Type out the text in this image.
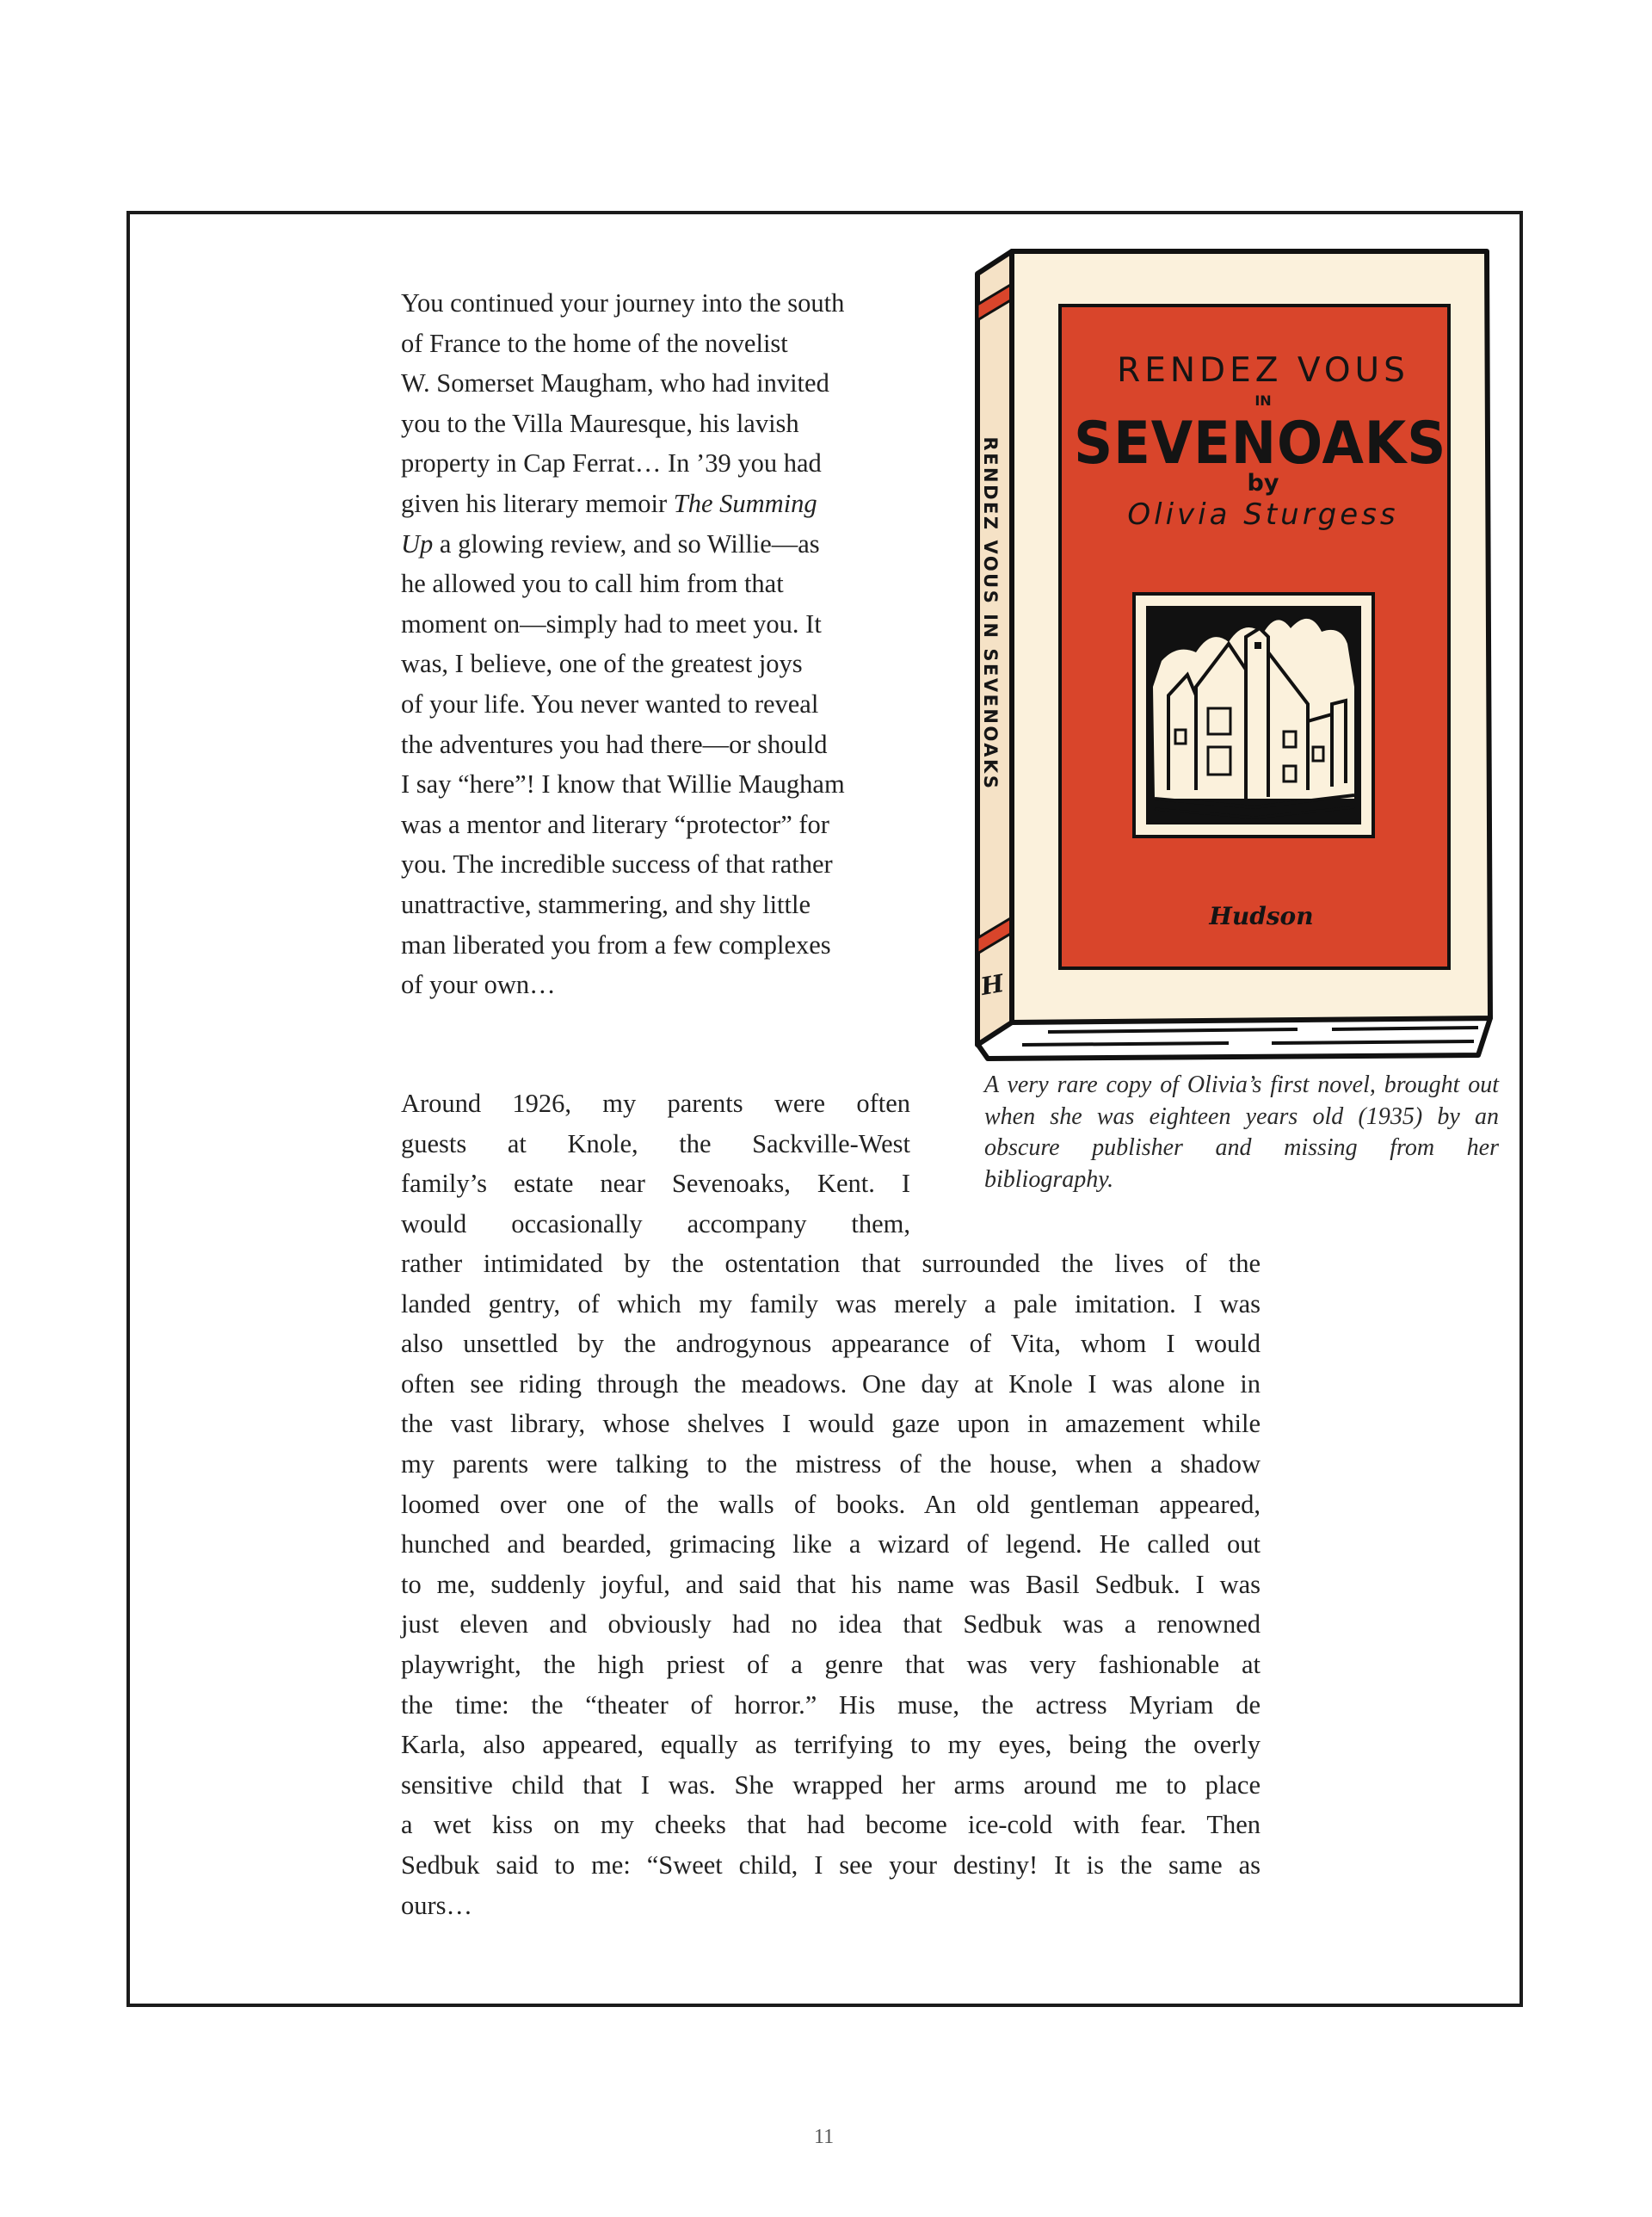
You continued your journey into the south
of France to the home of the novelist
W. Somerset Maugham, who had invited
you to the Villa Mauresque, his lavish
property in Cap Ferrat… In ’39 you had
given his literary memoir The Summing
Up a glowing review, and so Willie—as
he allowed you to call him from that
moment on—simply had to meet you. It
was, I believe, one of the greatest joys
of your life. You never wanted to reveal
the adventures you had there—or should
I say “here”! I know that Willie Maugham
was a mentor and literary “protector” for
you. The incredible success of that rather
unattractive, stammering, and shy little
man liberated you from a few complexes
of your own…

Around 1926, my parents were often
guests at Knole, the Sackville-West
family’s estate near Sevenoaks, Kent. I
would occasionally accompany them,
rather intimidated by the ostentation that surrounded the lives of the
landed gentry, of which my family was merely a pale imitation. I was
also unsettled by the androgynous appearance of Vita, whom I would
often see riding through the meadows. One day at Knole I was alone in
the vast library, whose shelves I would gaze upon in amazement while
my parents were talking to the mistress of the house, when a shadow
loomed over one of the walls of books. An old gentleman appeared,
hunched and bearded, grimacing like a wizard of legend. He called out
to me, suddenly joyful, and said that his name was Basil Sedbuk. I was
just eleven and obviously had no idea that Sedbuk was a renowned
playwright, the high priest of a genre that was very fashionable at
the time: the “theater of horror.” His muse, the actress Myriam de
Karla, also appeared, equally as terrifying to my eyes, being the overly
sensitive child that I was. She wrapped her arms around me to place
a wet kiss on my cheeks that had become ice-cold with fear. Then
Sedbuk said to me: “Sweet child, I see your destiny! It is the same as
ours…
RENDEZ VOUS
IN
SEVENOAKS
by
Olivia Sturgess
Hudson
RENDEZ VOUS IN SEVENOAKS
H
A very rare copy of Olivia’s first novel, brought out when she was eighteen years old (1935) by an obscure publisher and missing from her bibliography.
11
